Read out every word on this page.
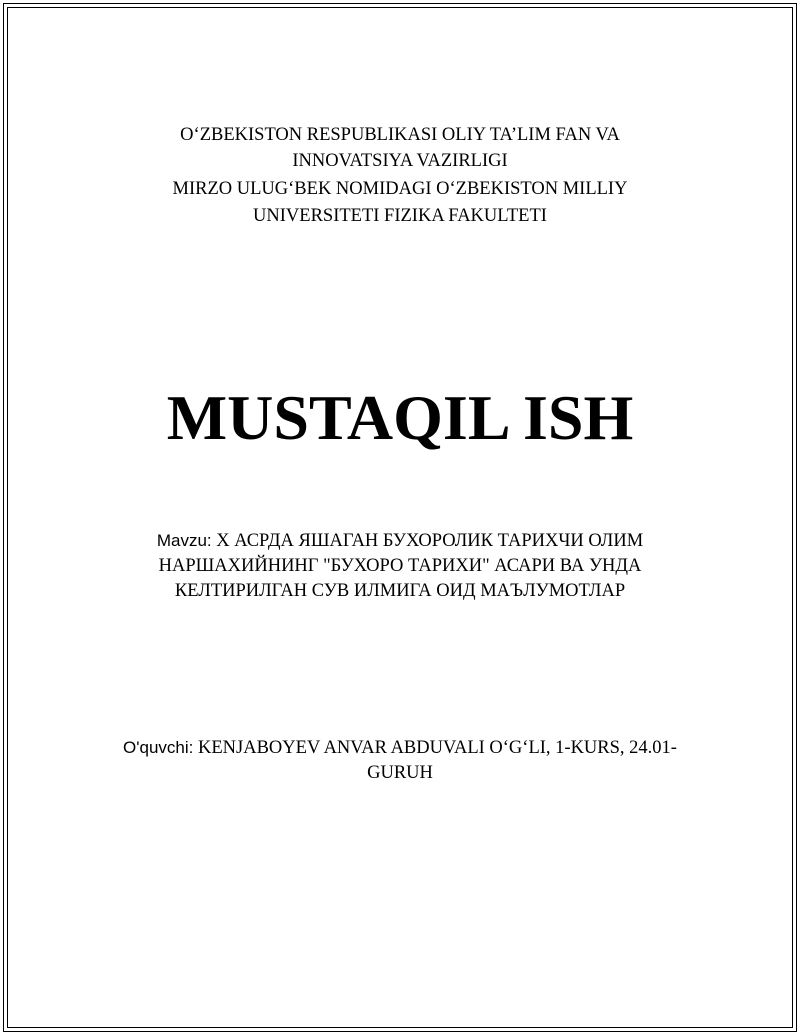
O‘ZBEKISTON RESPUBLIKASI OLIY TA’LIM FAN VA
INNOVATSIYA VAZIRLIGI
MIRZO ULUG‘BEK NOMIDAGI O‘ZBEKISTON MILLIY
UNIVERSITETI FIZIKA FAKULTETI
MUSTAQIL ISH
Mavzu: Х АСРДА ЯШАГАН БУХОРОЛИК ТАРИХЧИ ОЛИМ
НАРШАХИЙНИНГ "БУХОРО ТАРИХИ" АСАРИ ВА УНДА
КЕЛТИРИЛГАН СУВ ИЛМИГА ОИД МАЪЛУМОТЛАР
O'quvchi: KENJABOYEV ANVAR ABDUVALI O‘G‘LI, 1-KURS, 24.01-
GURUH
